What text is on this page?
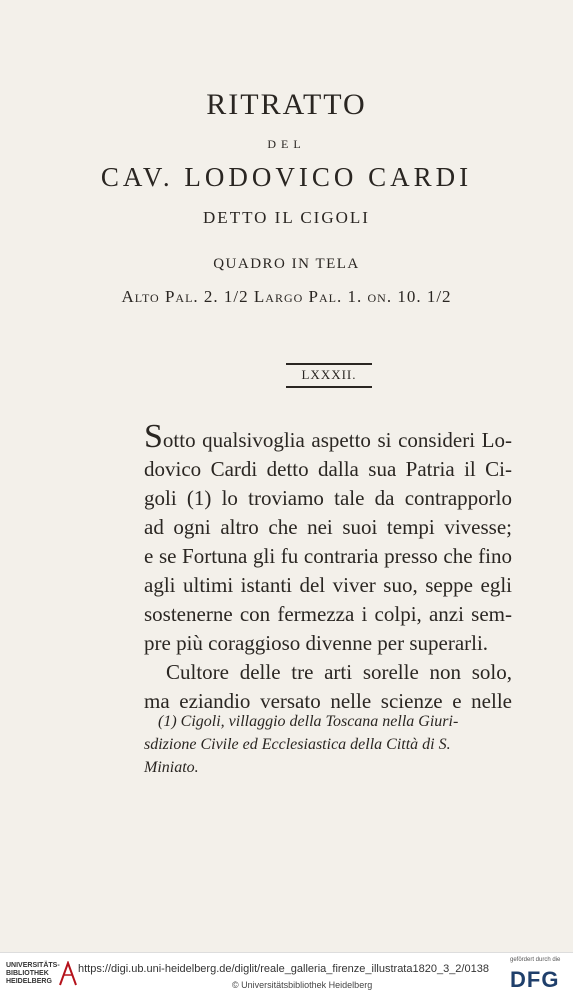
RITRATTO
DEL
CAV. LODOVICO CARDI
DETTO IL CIGOLI
QUADRO IN TELA
Alto Pal. 2. 1/2 Largo Pal. 1. on. 10. 1/2
LXXXII.
Sotto qualsivoglia aspetto si consideri Lo-
dovico Cardi detto dalla sua Patria il Ci-
goli (1) lo troviamo tale da contrapporlo
ad ogni altro che nei suoi tempi vivesse;
e se Fortuna gli fu contraria presso che fino
agli ultimi istanti del viver suo, seppe egli
sostenerne con fermezza i colpi, anzi sem-
pre più coraggioso divenne per superarli.
Cultore delle tre arti sorelle non solo,
ma eziandio versato nelle scienze e nelle
(1) Cigoli, villaggio della Toscana nella Giuri-
sdizione Civile ed Ecclesiastica della Città di S.
Miniato.
UNIVERSITÄTS-
BIBLIOTHEK
HEIDELBERG
https://digi.ub.uni-heidelberg.de/diglit/reale_galleria_firenze_illustrata1820_3_2/0138
© Universitätsbibliothek Heidelberg
gefördert durch die
DFG
